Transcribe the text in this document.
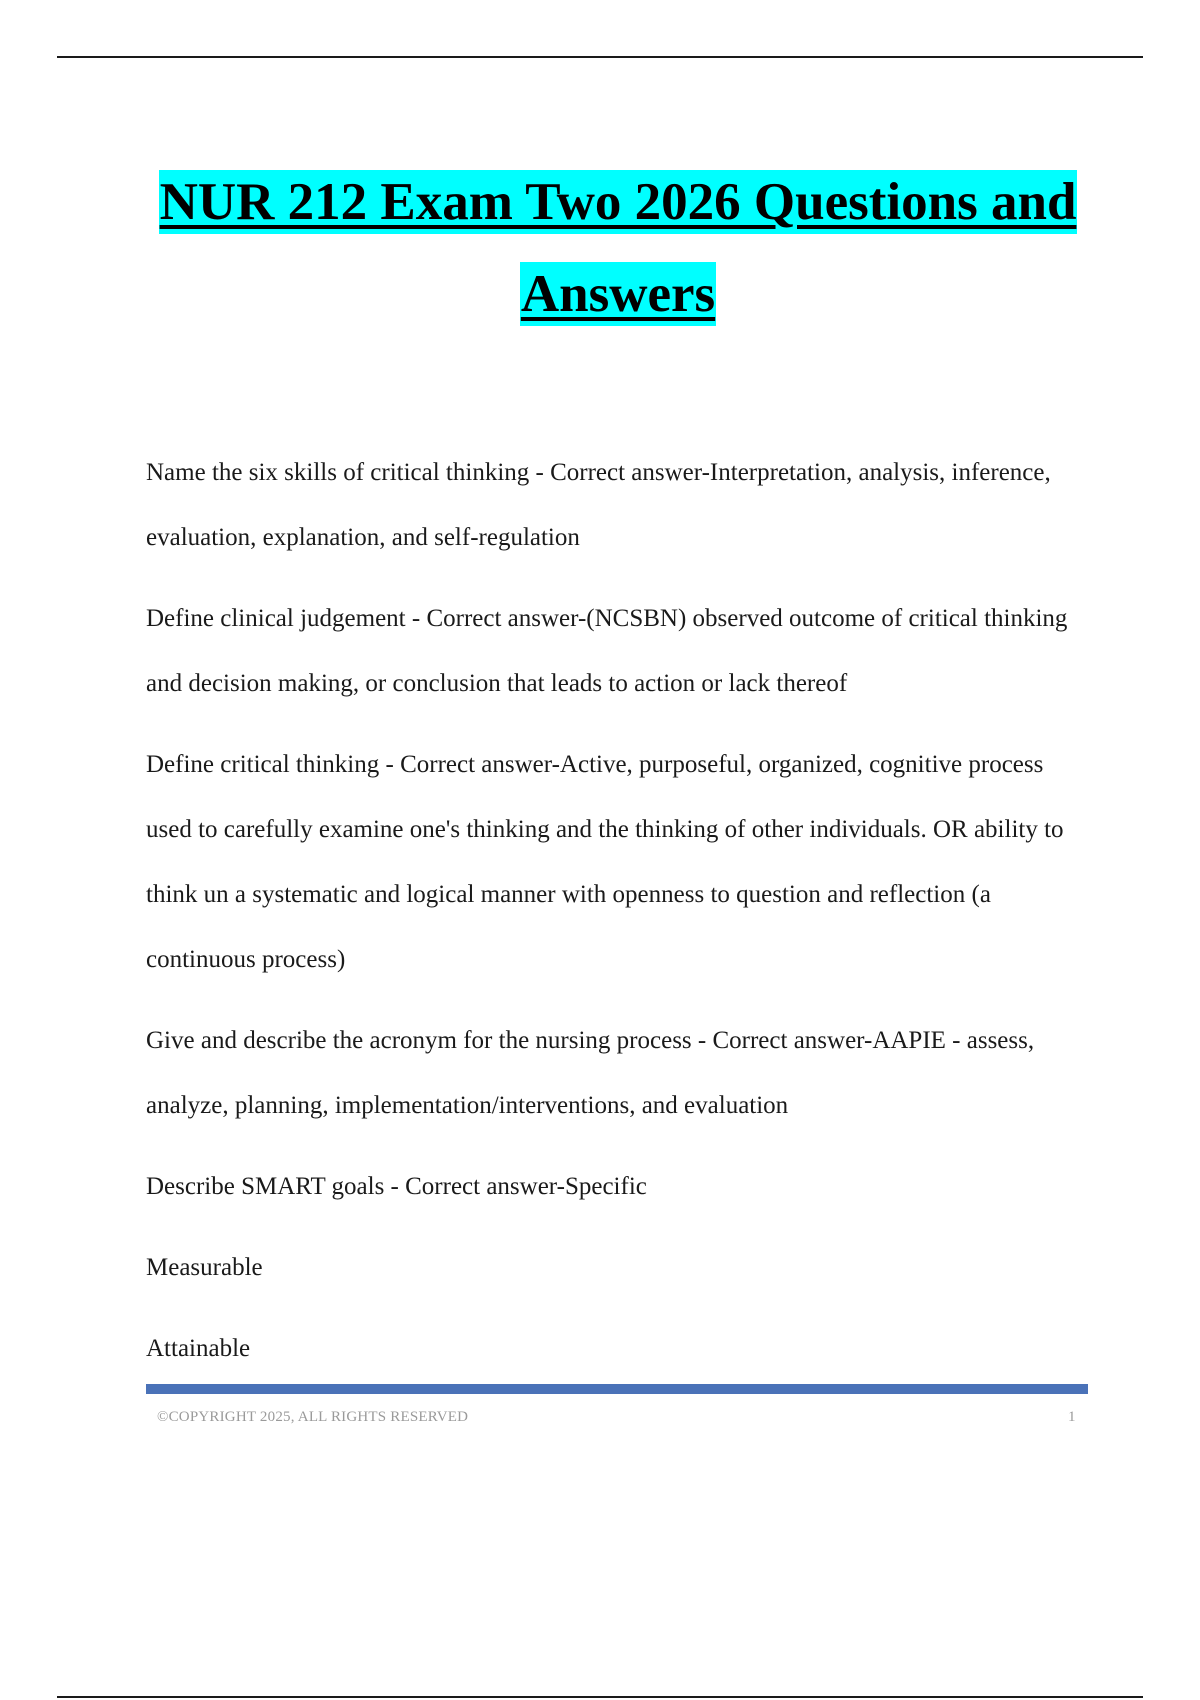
NUR 212 Exam Two 2026 Questions and
Answers

Name the six skills of critical thinking - Correct answer-Interpretation, analysis, inference, evaluation, explanation, and self-regulation

Define clinical judgement - Correct answer-(NCSBN) observed outcome of critical thinking and decision making, or conclusion that leads to action or lack thereof

Define critical thinking - Correct answer-Active, purposeful, organized, cognitive process used to carefully examine one's thinking and the thinking of other individuals. OR ability to think un a systematic and logical manner with openness to question and reflection (a continuous process)

Give and describe the acronym for the nursing process - Correct answer-AAPIE - assess, analyze, planning, implementation/interventions, and evaluation

Describe SMART goals - Correct answer-Specific

Measurable

Attainable

©COPYRIGHT 2025, ALL RIGHTS RESERVED	1
